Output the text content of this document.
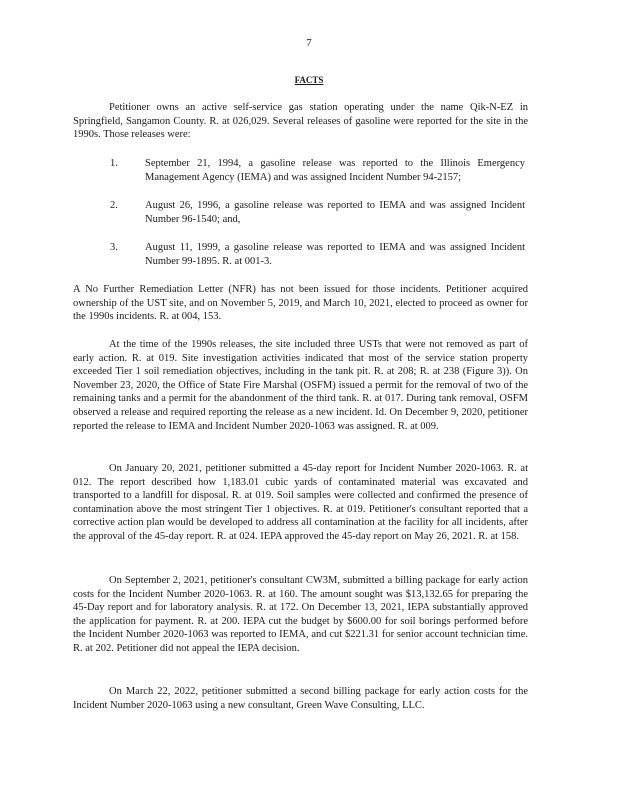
7
FACTS

Petitioner owns an active self-service gas station operating under the name Qik-N-EZ in Springfield, Sangamon County. R. at 026,029. Several releases of gasoline were reported for the site in the 1990s. Those releases were:

1.	September 21, 1994, a gasoline release was reported to the Illinois Emergency Management Agency (IEMA) and was assigned Incident Number 94-2157;
2.	August 26, 1996, a gasoline release was reported to IEMA and was assigned Incident Number 96-1540; and,
3.	August 11, 1999, a gasoline release was reported to IEMA and was assigned Incident Number 99-1895. R. at 001-3.

A No Further Remediation Letter (NFR) has not been issued for those incidents. Petitioner acquired ownership of the UST site, and on November 5, 2019, and March 10, 2021, elected to proceed as owner for the 1990s incidents. R. at 004, 153.

At the time of the 1990s releases, the site included three USTs that were not removed as part of early action. R. at 019. Site investigation activities indicated that most of the service station property exceeded Tier 1 soil remediation objectives, including in the tank pit. R. at 208; R. at 238 (Figure 3)). On November 23, 2020, the Office of State Fire Marshal (OSFM) issued a permit for the removal of two of the remaining tanks and a permit for the abandonment of the third tank. R. at 017. During tank removal, OSFM observed a release and required reporting the release as a new incident. Id. On December 9, 2020, petitioner reported the release to IEMA and Incident Number 2020-1063 was assigned. R. at 009.

On January 20, 2021, petitioner submitted a 45-day report for Incident Number 2020-1063. R. at 012. The report described how 1,183.01 cubic yards of contaminated material was excavated and transported to a landfill for disposal. R. at 019. Soil samples were collected and confirmed the presence of contamination above the most stringent Tier 1 objectives. R. at 019. Petitioner's consultant reported that a corrective action plan would be developed to address all contamination at the facility for all incidents, after the approval of the 45-day report. R. at 024. IEPA approved the 45-day report on May 26, 2021. R. at 158.

On September 2, 2021, petitioner's consultant CW3M, submitted a billing package for early action costs for the Incident Number 2020-1063. R. at 160. The amount sought was $13,132.65 for preparing the 45-Day report and for laboratory analysis. R. at 172. On December 13, 2021, IEPA substantially approved the application for payment. R. at 200. IEPA cut the budget by $600.00 for soil borings performed before the Incident Number 2020-1063 was reported to IEMA, and cut $221.31 for senior account technician time. R. at 202. Petitioner did not appeal the IEPA decision.

On March 22, 2022, petitioner submitted a second billing package for early action costs for the Incident Number 2020-1063 using a new consultant, Green Wave Consulting, LLC.
